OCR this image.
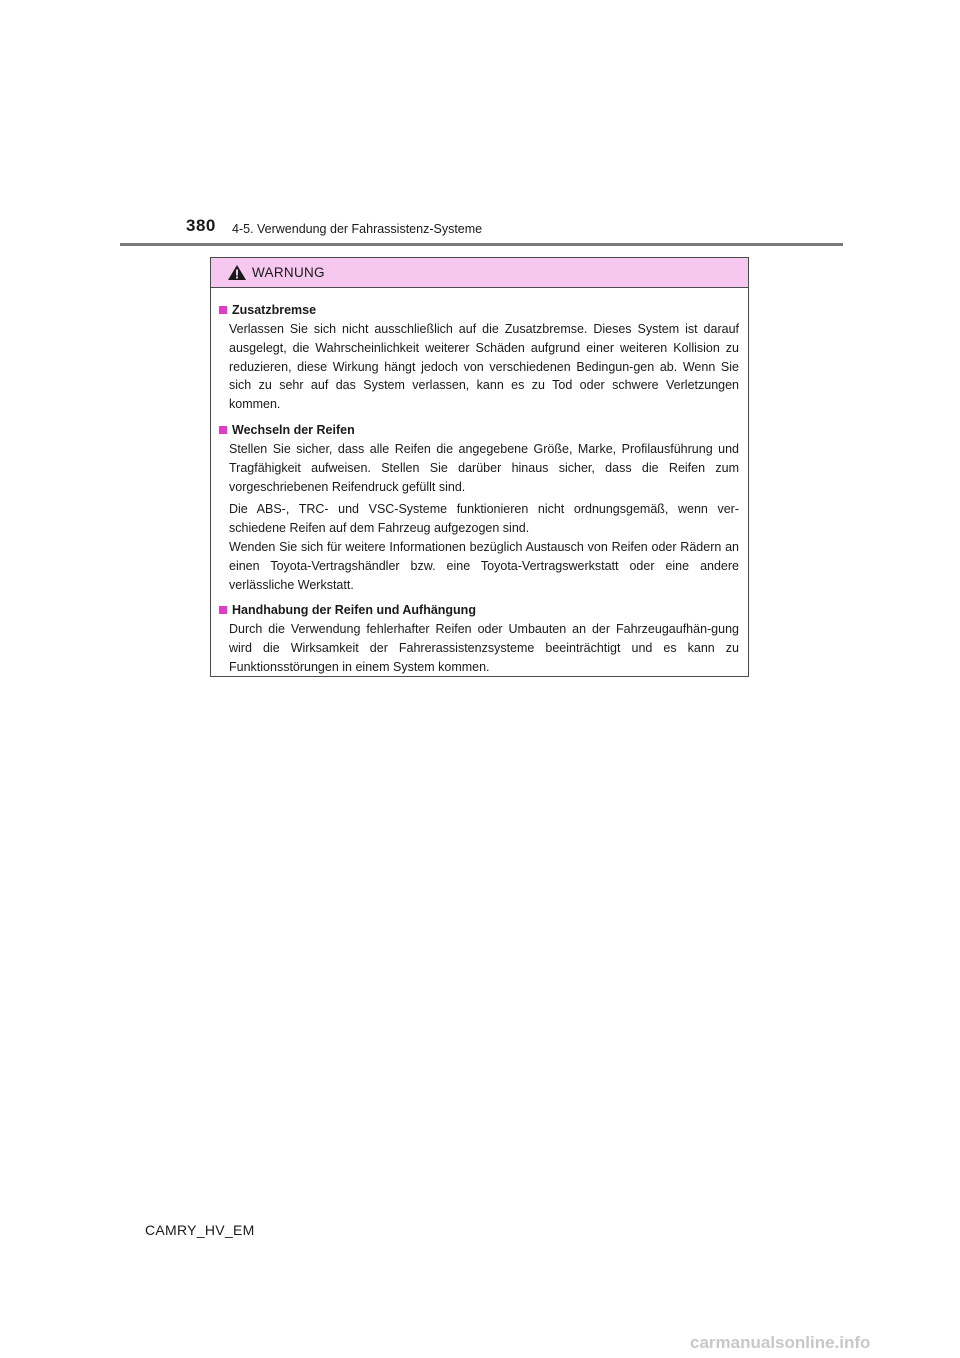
380 4-5. Verwendung der Fahrassistenz-Systeme
WARNUNG
Zusatzbremse

Verlassen Sie sich nicht ausschließlich auf die Zusatzbremse. Dieses System ist darauf ausgelegt, die Wahrscheinlichkeit weiterer Schäden aufgrund einer weiteren Kollision zu reduzieren, diese Wirkung hängt jedoch von verschiedenen Bedingun-gen ab. Wenn Sie sich zu sehr auf das System verlassen, kann es zu Tod oder schwere Verletzungen kommen.

Wechseln der Reifen

Stellen Sie sicher, dass alle Reifen die angegebene Größe, Marke, Profilausführung und Tragfähigkeit aufweisen. Stellen Sie darüber hinaus sicher, dass die Reifen zum vorgeschriebenen Reifendruck gefüllt sind.

Die ABS-, TRC- und VSC-Systeme funktionieren nicht ordnungsgemäß, wenn ver-schiedene Reifen auf dem Fahrzeug aufgezogen sind.

Wenden Sie sich für weitere Informationen bezüglich Austausch von Reifen oder Rädern an einen Toyota-Vertragshändler bzw. eine Toyota-Vertragswerkstatt oder eine andere verlässliche Werkstatt.

Handhabung der Reifen und Aufhängung

Durch die Verwendung fehlerhafter Reifen oder Umbauten an der Fahrzeugaufhän-gung wird die Wirksamkeit der Fahrerassistenzsysteme beeinträchtigt und es kann zu Funktionsstörungen in einem System kommen.

CAMRY_HV_EM
carmanualsonline.info
